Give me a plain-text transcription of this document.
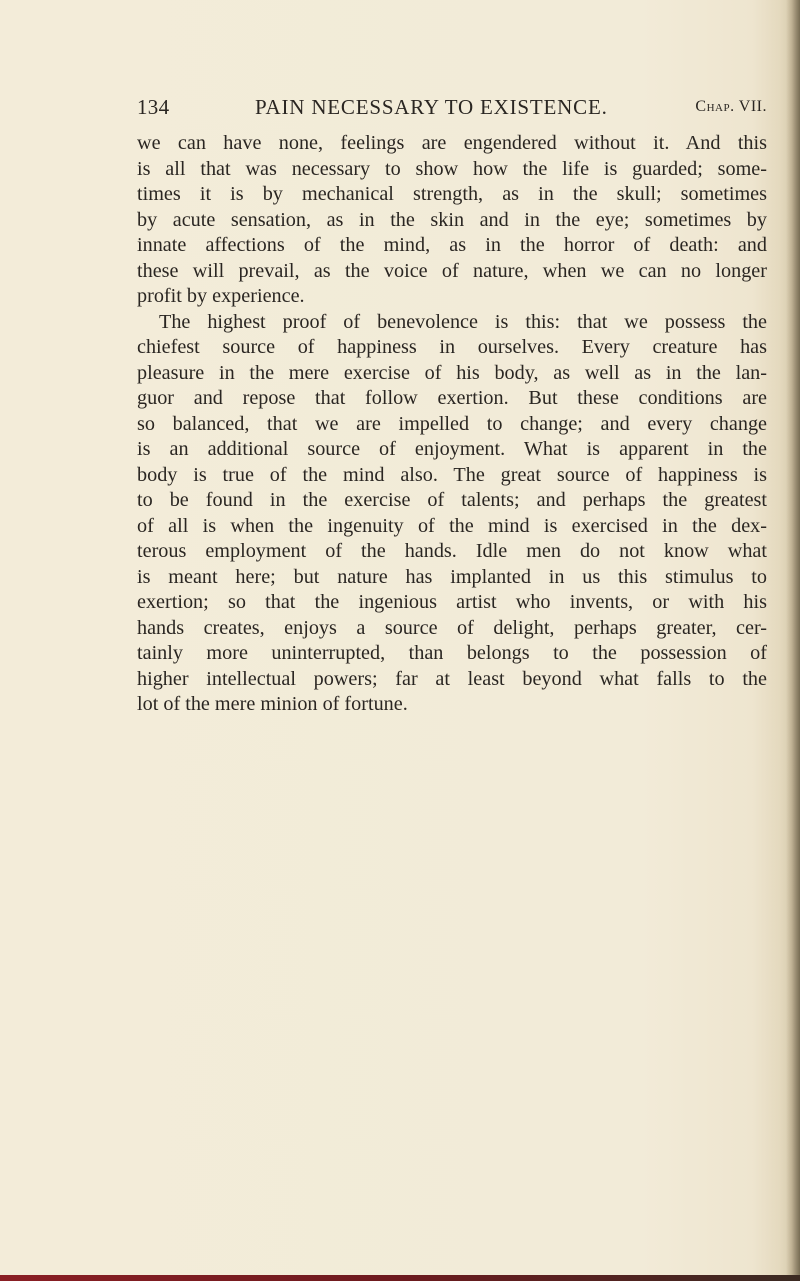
134	PAIN NECESSARY TO EXISTENCE.	Chap. VII.
we can have none, feelings are engendered without it. And this
is all that was necessary to show how the life is guarded; some-
times it is by mechanical strength, as in the skull; sometimes
by acute sensation, as in the skin and in the eye; sometimes by
innate affections of the mind, as in the horror of death: and
these will prevail, as the voice of nature, when we can no longer
profit by experience.
The highest proof of benevolence is this: that we possess the
chiefest source of happiness in ourselves. Every creature has
pleasure in the mere exercise of his body, as well as in the lan-
guor and repose that follow exertion. But these conditions are
so balanced, that we are impelled to change; and every change
is an additional source of enjoyment. What is apparent in the
body is true of the mind also. The great source of happiness is
to be found in the exercise of talents; and perhaps the greatest
of all is when the ingenuity of the mind is exercised in the dex-
terous employment of the hands. Idle men do not know what
is meant here; but nature has implanted in us this stimulus to
exertion; so that the ingenious artist who invents, or with his
hands creates, enjoys a source of delight, perhaps greater, cer-
tainly more uninterrupted, than belongs to the possession of
higher intellectual powers; far at least beyond what falls to the
lot of the mere minion of fortune.
